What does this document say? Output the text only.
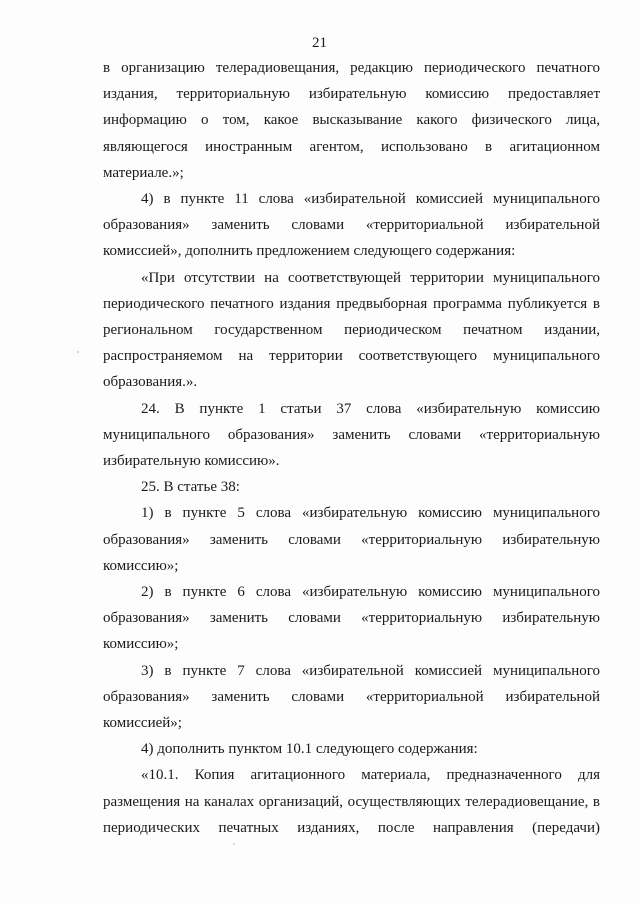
21

в организацию телерадиовещания, редакцию периодического печатного издания, территориальную избирательную комиссию предоставляет информацию о том, какое высказывание какого физического лица, являющегося иностранным агентом, использовано в агитационном материале.»;

4) в пункте 11 слова «избирательной комиссией муниципального образования» заменить словами «территориальной избирательной комиссией», дополнить предложением следующего содержания:

«При отсутствии на соответствующей территории муниципального периодического печатного издания предвыборная программа публикуется в региональном государственном периодическом печатном издании, распространяемом на территории соответствующего муниципального образования.».

24. В пункте 1 статьи 37 слова «избирательную комиссию муниципального образования» заменить словами «территориальную избирательную комиссию».

25. В статье 38:

1) в пункте 5 слова «избирательную комиссию муниципального образования» заменить словами «территориальную избирательную комиссию»;

2) в пункте 6 слова «избирательную комиссию муниципального образования» заменить словами «территориальную избирательную комиссию»;

3) в пункте 7 слова «избирательной комиссией муниципального образования» заменить словами «территориальной избирательной комиссией»;

4) дополнить пунктом 10.1 следующего содержания:

«10.1. Копия агитационного материала, предназначенного для размещения на каналах организаций, осуществляющих телерадиовещание, в периодических печатных изданиях, после направления (передачи)
